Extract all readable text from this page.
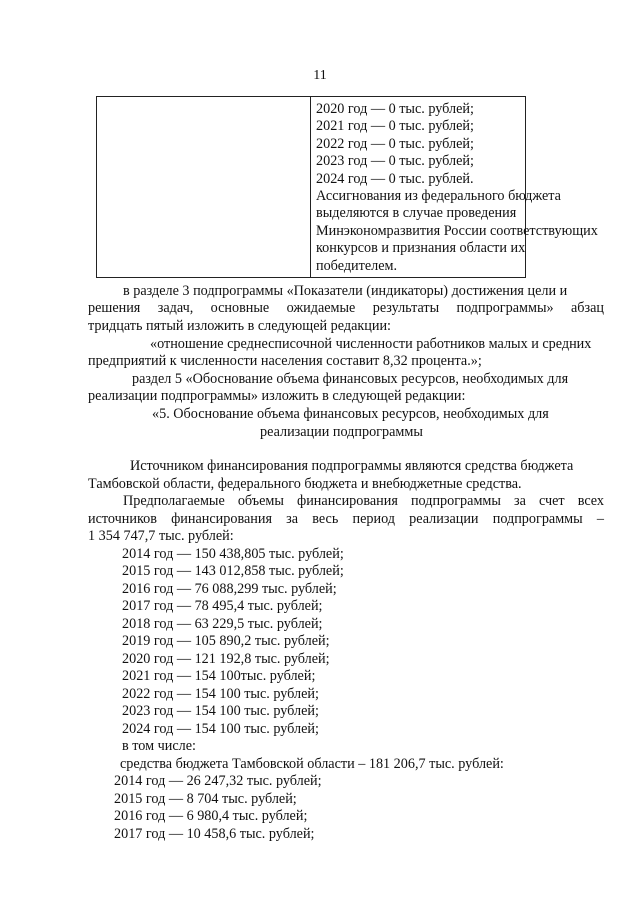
11
2020 год — 0 тыс. рублей;
2021 год — 0 тыс. рублей;
2022 год — 0 тыс. рублей;
2023 год — 0 тыс. рублей;
2024 год — 0 тыс. рублей.
Ассигнования из федерального бюджета
выделяются в случае проведения
Минэкономразвития России соответствующих
конкурсов и признания области их
победителем.
в разделе 3 подпрограммы «Показатели (индикаторы) достижения цели и
решения задач, основные ожидаемые результаты подпрограммы» абзац
тридцать пятый изложить в следующей редакции:
«отношение среднесписочной численности работников малых и средних
предприятий к численности населения составит 8,32 процента.»;
раздел 5 «Обоснование объема финансовых ресурсов, необходимых для
реализации подпрограммы» изложить в следующей редакции:
«5. Обоснование объема финансовых ресурсов, необходимых для
реализации подпрограммы
Источником финансирования подпрограммы являются средства бюджета
Тамбовской области, федерального бюджета и внебюджетные средства.
Предполагаемые объемы финансирования подпрограммы за счет всех
источников финансирования за весь период реализации подпрограммы –
1 354 747,7 тыс. рублей:
2014 год — 150 438,805 тыс. рублей;
2015 год — 143 012,858 тыс. рублей;
2016 год — 76 088,299 тыс. рублей;
2017 год — 78 495,4 тыс. рублей;
2018 год — 63 229,5 тыс. рублей;
2019 год — 105 890,2 тыс. рублей;
2020 год — 121 192,8 тыс. рублей;
2021 год — 154 100тыс. рублей;
2022 год — 154 100 тыс. рублей;
2023 год — 154 100 тыс. рублей;
2024 год — 154 100 тыс. рублей;
в том числе:
средства бюджета Тамбовской области – 181 206,7 тыс. рублей:
2014 год — 26 247,32 тыс. рублей;
2015 год — 8 704 тыс. рублей;
2016 год — 6 980,4 тыс. рублей;
2017 год — 10 458,6 тыс. рублей;
